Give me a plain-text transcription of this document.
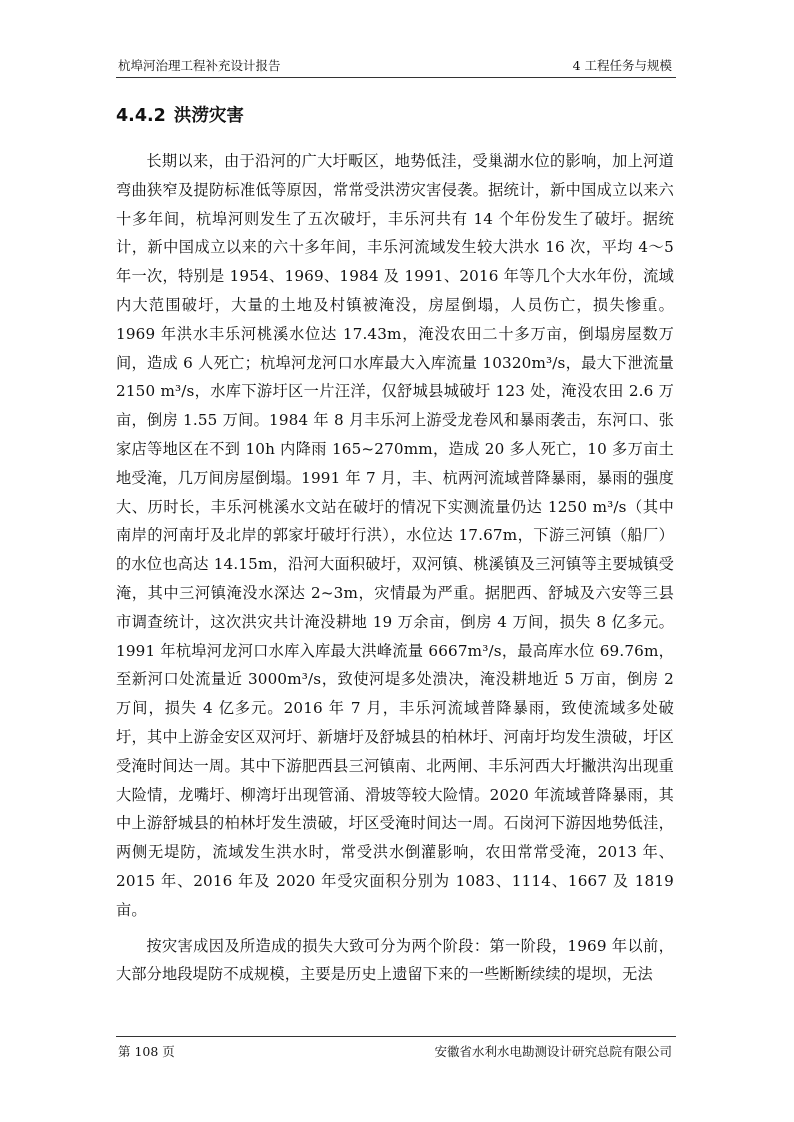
杭埠河治理工程补充设计报告	4 工程任务与规模
4.4.2 洪涝灾害

长期以来，由于沿河的广大圩畈区，地势低洼，受巢湖水位的影响，加上河道弯曲狭窄及提防标准低等原因，常常受洪涝灾害侵袭。据统计，新中国成立以来六十多年间，杭埠河则发生了五次破圩，丰乐河共有 14 个年份发生了破圩。据统计，新中国成立以来的六十多年间，丰乐河流域发生较大洪水 16 次，平均 4～5 年一次，特别是 1954、1969、1984 及 1991、2016 年等几个大水年份，流域内大范围破圩，大量的土地及村镇被淹没，房屋倒塌，人员伤亡，损失惨重。1969 年洪水丰乐河桃溪水位达 17.43m，淹没农田二十多万亩，倒塌房屋数万间，造成 6 人死亡；杭埠河龙河口水库最大入库流量 10320m³/s，最大下泄流量 2150 m³/s，水库下游圩区一片汪洋，仅舒城县城破圩 123 处，淹没农田 2.6 万亩，倒房 1.55 万间。1984 年 8 月丰乐河上游受龙卷风和暴雨袭击，东河口、张家店等地区在不到 10h 内降雨 165~270mm，造成 20 多人死亡，10 多万亩土地受淹，几万间房屋倒塌。1991 年 7 月，丰、杭两河流域普降暴雨，暴雨的强度大、历时长，丰乐河桃溪水文站在破圩的情况下实测流量仍达 1250 m³/s（其中南岸的河南圩及北岸的郭家圩破圩行洪），水位达 17.67m，下游三河镇（船厂）的水位也高达 14.15m，沿河大面积破圩，双河镇、桃溪镇及三河镇等主要城镇受淹，其中三河镇淹没水深达 2~3m，灾情最为严重。据肥西、舒城及六安等三县市调查统计，这次洪灾共计淹没耕地 19 万余亩，倒房 4 万间，损失 8 亿多元。1991 年杭埠河龙河口水库入库最大洪峰流量 6667m³/s，最高库水位 69.76m，至新河口处流量近 3000m³/s，致使河堤多处溃决，淹没耕地近 5 万亩，倒房 2 万间，损失 4 亿多元。2016 年 7 月，丰乐河流域普降暴雨，致使流域多处破圩，其中上游金安区双河圩、新塘圩及舒城县的柏林圩、河南圩均发生溃破，圩区受淹时间达一周。其中下游肥西县三河镇南、北两闸、丰乐河西大圩撇洪沟出现重大险情，龙嘴圩、柳湾圩出现管涌、滑坡等较大险情。2020 年流域普降暴雨，其中上游舒城县的柏林圩发生溃破，圩区受淹时间达一周。石岗河下游因地势低洼，两侧无堤防，流域发生洪水时，常受洪水倒灌影响，农田常常受淹，2013 年、2015 年、2016 年及 2020 年受灾面积分别为 1083、1114、1667 及 1819 亩。

按灾害成因及所造成的损失大致可分为两个阶段：第一阶段，1969 年以前，大部分地段堤防不成规模，主要是历史上遗留下来的一些断断续续的堤坝，无法

第 108 页	安徽省水利水电勘测设计研究总院有限公司
